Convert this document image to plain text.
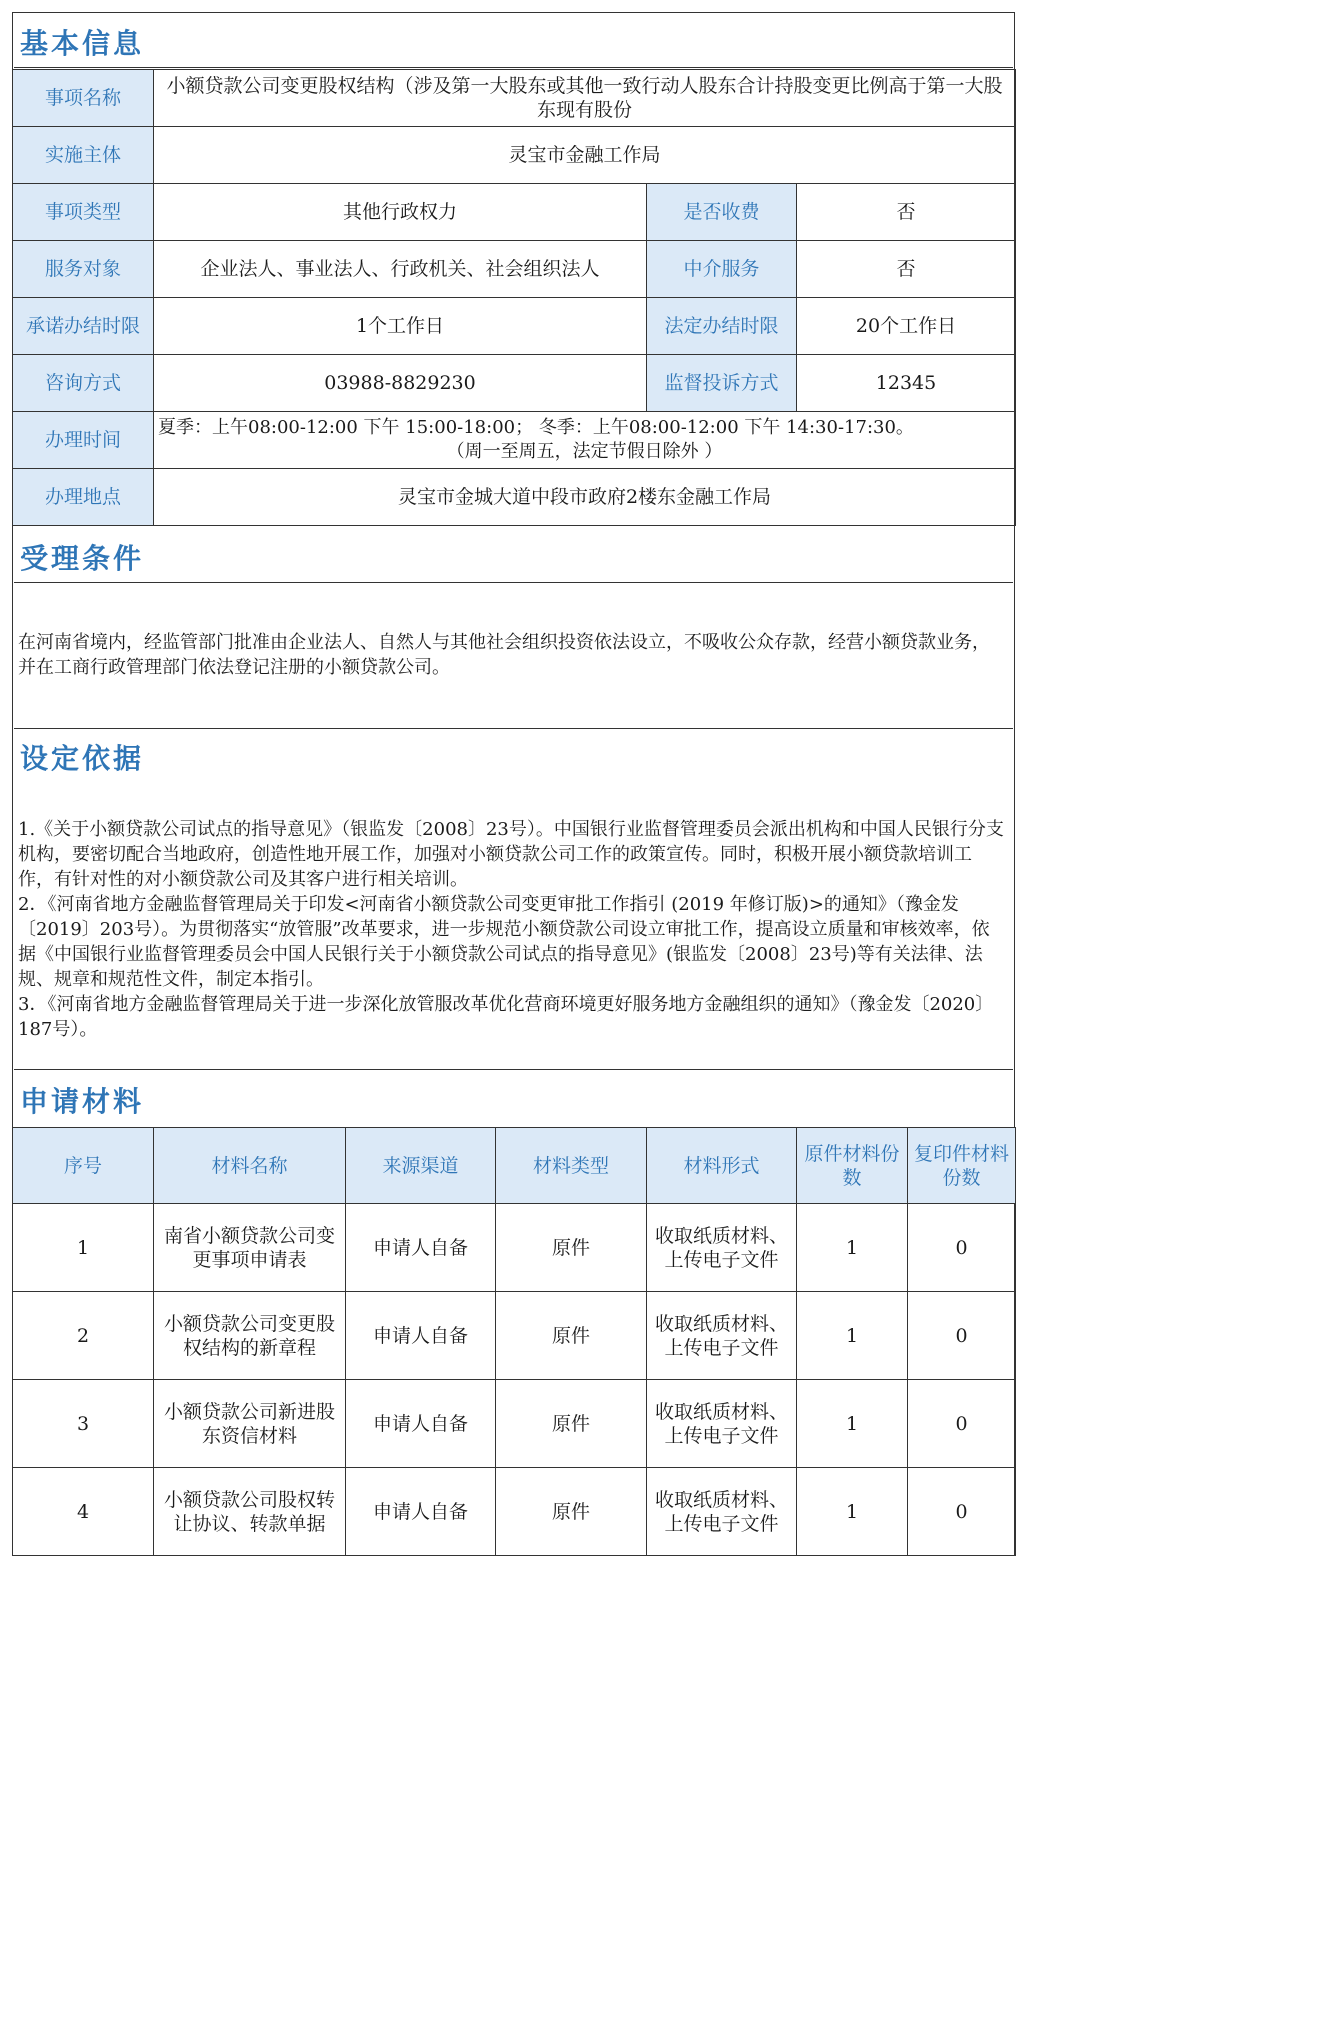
基本信息
事项名称	小额贷款公司变更股权结构（涉及第一大股东或其他一致行动人股东合计持股变更比例高于第一大股东现有股份		
实施主体	灵宝市金融工作局		
事项类型	其他行政权力	是否收费	否
服务对象	企业法人、事业法人、行政机关、社会组织法人	中介服务	否
承诺办结时限	1个工作日	法定办结时限	20个工作日
咨询方式	03988-8829230	监督投诉方式	12345
办理时间	夏季：上午08:00-12:00 下午 15:00-18:00； 冬季：上午08:00-12:00 下午 14:30-17:30。
（周一至周五，法定节假日除外 ）		

办理地点	灵宝市金城大道中段市政府2楼东金融工作局		
受理条件

在河南省境内，经监管部门批准由企业法人、自然人与其他社会组织投资依法设立，不吸收公众存款，经营小额贷款业务，并在工商行政管理部门依法登记注册的小额贷款公司。

设定依据

1.《关于小额贷款公司试点的指导意见》（银监发〔2008〕23号）。中国银行业监督管理委员会派出机构和中国人民银行分支机构，要密切配合当地政府，创造性地开展工作，加强对小额贷款公司工作的政策宣传。同时，积极开展小额贷款培训工作，有针对性的对小额贷款公司及其客户进行相关培训。

2．《河南省地方金融监督管理局关于印发<河南省小额贷款公司变更审批工作指引 (2019 年修订版)>的通知》（豫金发〔2019〕203号）。为贯彻落实“放管服”改革要求，进一步规范小额贷款公司设立审批工作，提高设立质量和审核效率，依据《中国银行业监督管理委员会中国人民银行关于小额贷款公司试点的指导意见》(银监发〔2008〕23号)等有关法律、法规、规章和规范性文件，制定本指引。

3．《河南省地方金融监督管理局关于进一步深化放管服改革优化营商环境更好服务地方金融组织的通知》（豫金发〔2020〕187号）。

申请材料
序号	材料名称	来源渠道	材料类型	材料形式	原件材料份数	复印件材料份数
1	南省小额贷款公司变更事项申请表	申请人自备	原件	收取纸质材料、上传电子文件	1	0
2	小额贷款公司变更股权结构的新章程	申请人自备	原件	收取纸质材料、上传电子文件	1	0
3	小额贷款公司新进股东资信材料	申请人自备	原件	收取纸质材料、上传电子文件	1	0
4	小额贷款公司股权转让协议、转款单据	申请人自备	原件	收取纸质材料、上传电子文件	1	0
